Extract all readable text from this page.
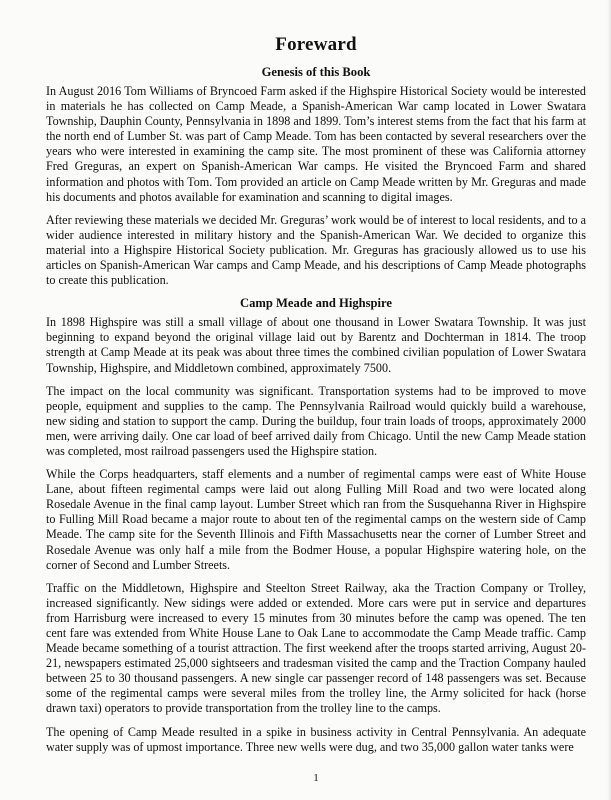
Foreward
Genesis of this Book

In August 2016 Tom Williams of Bryncoed Farm asked if the Highspire Historical Society would be interested in materials he has collected on Camp Meade, a Spanish-American War camp located in Lower Swatara Township, Dauphin County, Pennsylvania in 1898 and 1899. Tom’s interest stems from the fact that his farm at the north end of Lumber St. was part of Camp Meade. Tom has been contacted by several researchers over the years who were interested in examining the camp site. The most prominent of these was California attorney Fred Greguras, an expert on Spanish-American War camps. He visited the Bryncoed Farm and shared information and photos with Tom. Tom provided an article on Camp Meade written by Mr. Greguras and made his documents and photos available for examination and scanning to digital images.

After reviewing these materials we decided Mr. Greguras’ work would be of interest to local residents, and to a wider audience interested in military history and the Spanish-American War. We decided to organize this material into a Highspire Historical Society publication. Mr. Greguras has graciously allowed us to use his articles on Spanish-American War camps and Camp Meade, and his descriptions of Camp Meade photographs to create this publication.

Camp Meade and Highspire

In 1898 Highspire was still a small village of about one thousand in Lower Swatara Township. It was just beginning to expand beyond the original village laid out by Barentz and Dochterman in 1814. The troop strength at Camp Meade at its peak was about three times the combined civilian population of Lower Swatara Township, Highspire, and Middletown combined, approximately 7500.

The impact on the local community was significant. Transportation systems had to be improved to move people, equipment and supplies to the camp. The Pennsylvania Railroad would quickly build a warehouse, new siding and station to support the camp. During the buildup, four train loads of troops, approximately 2000 men, were arriving daily. One car load of beef arrived daily from Chicago. Until the new Camp Meade station was completed, most railroad passengers used the Highspire station.

While the Corps headquarters, staff elements and a number of regimental camps were east of White House Lane, about fifteen regimental camps were laid out along Fulling Mill Road and two were located along Rosedale Avenue in the final camp layout. Lumber Street which ran from the Susquehanna River in Highspire to Fulling Mill Road became a major route to about ten of the regimental camps on the western side of Camp Meade. The camp site for the Seventh Illinois and Fifth Massachusetts near the corner of Lumber Street and Rosedale Avenue was only half a mile from the Bodmer House, a popular Highspire watering hole, on the corner of Second and Lumber Streets.

Traffic on the Middletown, Highspire and Steelton Street Railway, aka the Traction Company or Trolley, increased significantly. New sidings were added or extended. More cars were put in service and departures from Harrisburg were increased to every 15 minutes from 30 minutes before the camp was opened. The ten cent fare was extended from White House Lane to Oak Lane to accommodate the Camp Meade traffic. Camp Meade became something of a tourist attraction. The first weekend after the troops started arriving, August 20-21, newspapers estimated 25,000 sightseers and tradesman visited the camp and the Traction Company hauled between 25 to 30 thousand passengers. A new single car passenger record of 148 passengers was set. Because some of the regimental camps were several miles from the trolley line, the Army solicited for hack (horse drawn taxi) operators to provide transportation from the trolley line to the camps.

The opening of Camp Meade resulted in a spike in business activity in Central Pennsylvania. An adequate water supply was of upmost importance. Three new wells were dug, and two 35,000 gallon water tanks were

1
